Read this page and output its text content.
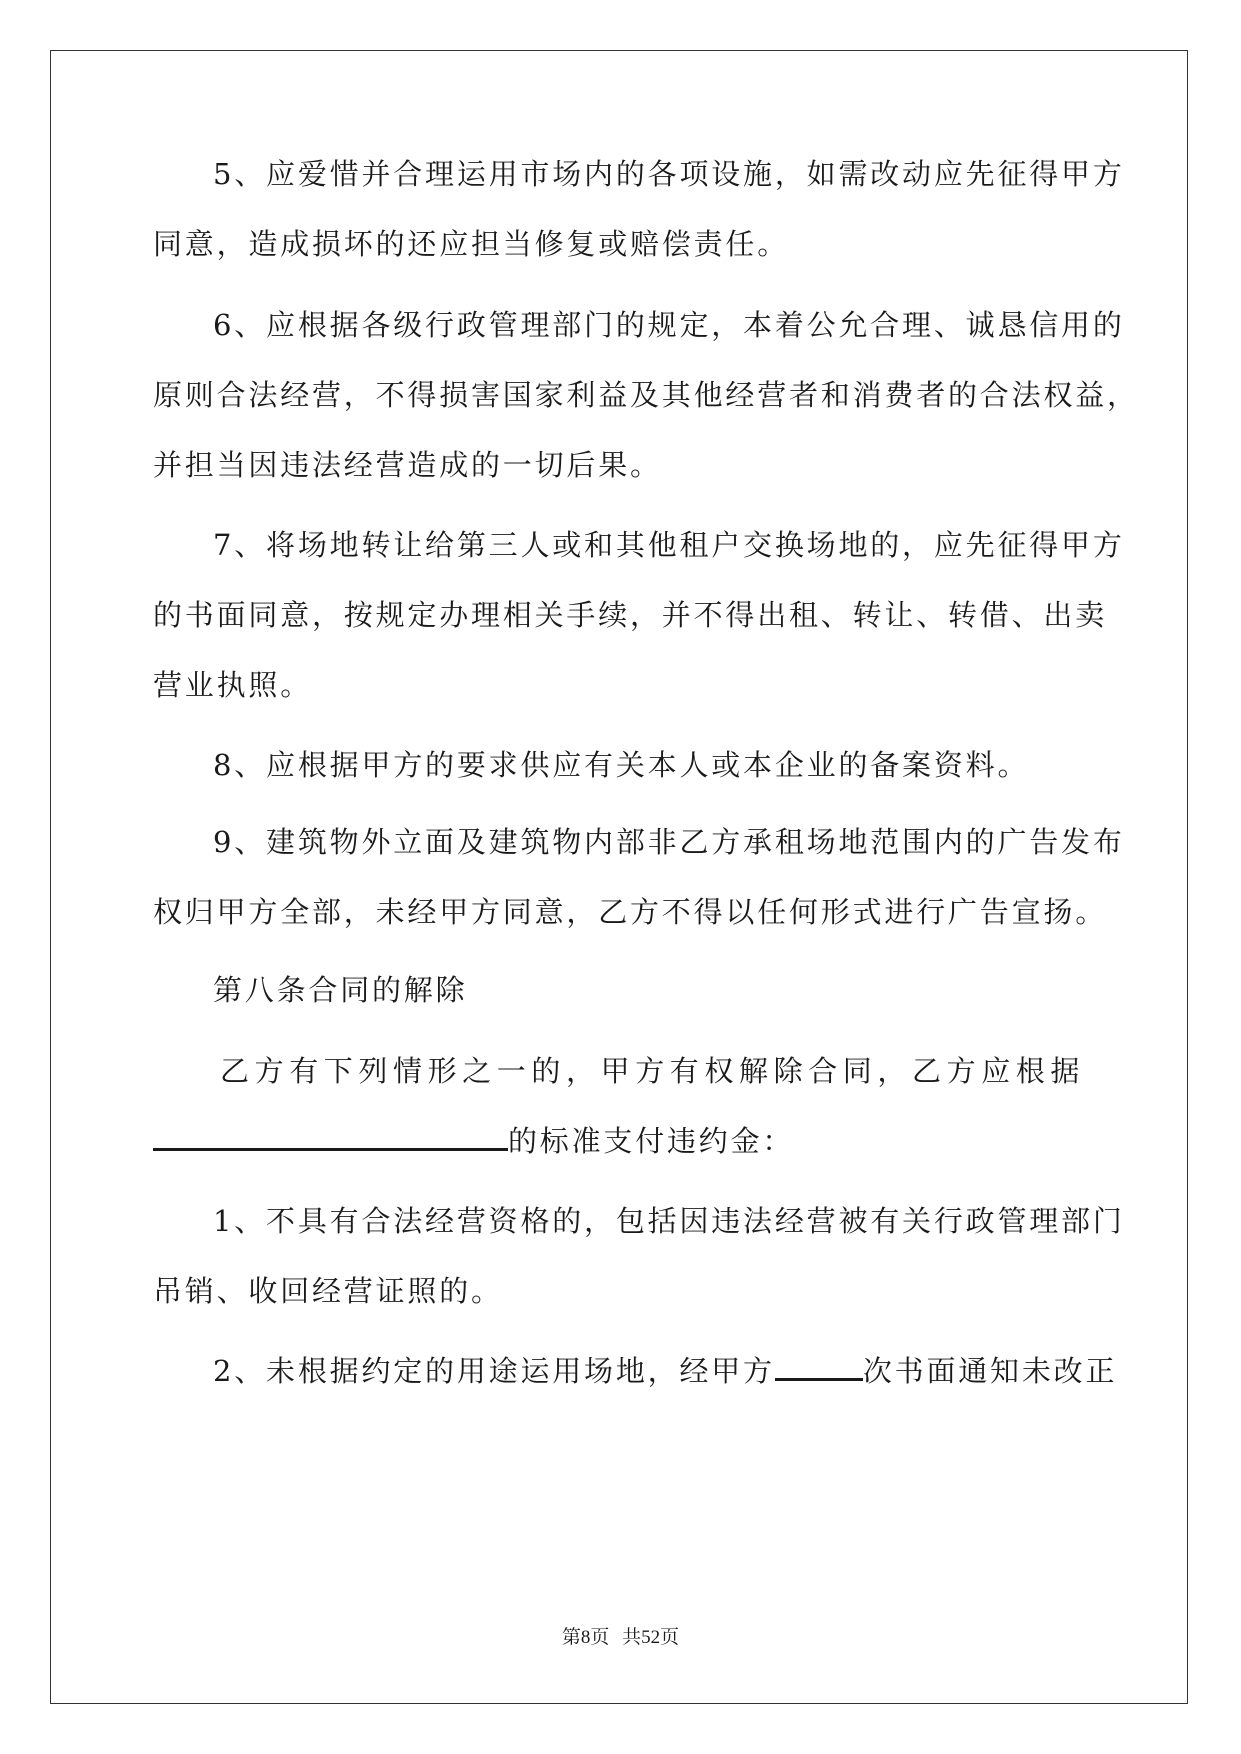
5、应爱惜并合理运用市场内的各项设施，如需改动应先征得甲方
同意，造成损坏的还应担当修复或赔偿责任。
6、应根据各级行政管理部门的规定，本着公允合理、诚恳信用的
原则合法经营，不得损害国家利益及其他经营者和消费者的合法权益，
并担当因违法经营造成的一切后果。
7、将场地转让给第三人或和其他租户交换场地的，应先征得甲方
的书面同意，按规定办理相关手续，并不得出租、转让、转借、出卖
营业执照。
8、应根据甲方的要求供应有关本人或本企业的备案资料。
9、建筑物外立面及建筑物内部非乙方承租场地范围内的广告发布
权归甲方全部，未经甲方同意，乙方不得以任何形式进行广告宣扬。
第八条合同的解除
乙方有下列情形之一的，甲方有权解除合同，乙方应根据
的标准支付违约金：
1、不具有合法经营资格的，包括因违法经营被有关行政管理部门
吊销、收回经营证照的。
2、未根据约定的用途运用场地，经甲方	次书面通知未改正
第8页 共52页
